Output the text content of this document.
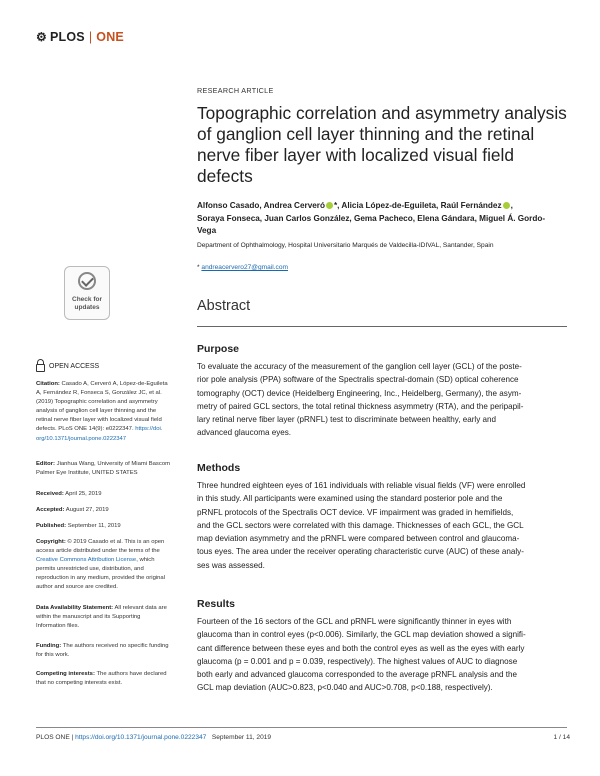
⚙ PLOS | ONE
RESEARCH ARTICLE
Topographic correlation and asymmetry analysis of ganglion cell layer thinning and the retinal nerve fiber layer with localized visual field defects
Alfonso Casado, Andrea Cerveró *, Alicia López-de-Eguileta, Raúl Fernández ,
Soraya Fonseca, Juan Carlos González, Gema Pacheco, Elena Gándara, Miguel Á. Gordo-
Vega
Department of Ophthalmology, Hospital Universitario Marqués de Valdecilla-IDIVAL, Santander, Spain
* andreacervero27@gmail.com
Abstract
Purpose
To evaluate the accuracy of the measurement of the ganglion cell layer (GCL) of the poste-
rior pole analysis (PPA) software of the Spectralis spectral-domain (SD) optical coherence
tomography (OCT) device (Heidelberg Engineering, Inc., Heidelberg, Germany), the asym-
metry of paired GCL sectors, the total retinal thickness asymmetry (RTA), and the peripapil-
lary retinal nerve fiber layer (pRNFL) test to discriminate between healthy, early and
advanced glaucoma eyes.
Methods
Three hundred eighteen eyes of 161 individuals with reliable visual fields (VF) were enrolled
in this study. All participants were examined using the standard posterior pole and the
pRNFL protocols of the Spectralis OCT device. VF impairment was graded in hemifields,
and the GCL sectors were correlated with this damage. Thicknesses of each GCL, the GCL
map deviation asymmetry and the pRNFL were compared between control and glaucoma-
tous eyes. The area under the receiver operating characteristic curve (AUC) of these analy-
ses was assessed.
Results
Fourteen of the 16 sectors of the GCL and pRNFL were significantly thinner in eyes with
glaucoma than in control eyes (p<0.006). Similarly, the GCL map deviation showed a signifi-
cant difference between these eyes and both the control eyes as well as the eyes with early
glaucoma (p = 0.001 and p = 0.039, respectively). The highest values of AUC to diagnose
both early and advanced glaucoma corresponded to the average pRNFL analysis and the
GCL map deviation (AUC>0.823, p<0.040 and AUC>0.708, p<0.188, respectively).
Check for
updates
OPEN ACCESS
Citation: Casado A, Cerveró A, López-de-Eguileta
A, Fernández R, Fonseca S, González JC, et al.
(2019) Topographic correlation and asymmetry
analysis of ganglion cell layer thinning and the
retinal nerve fiber layer with localized visual field
defects. PLoS ONE 14(9): e0222347. https://doi.
org/10.1371/journal.pone.0222347
Editor: Jianhua Wang, University of Miami Bascom
Palmer Eye Institute, UNITED STATES
Received: April 25, 2019
Accepted: August 27, 2019
Published: September 11, 2019
Copyright: © 2019 Casado et al. This is an open
access article distributed under the terms of the
Creative Commons Attribution License, which
permits unrestricted use, distribution, and
reproduction in any medium, provided the original
author and source are credited.
Data Availability Statement: All relevant data are
within the manuscript and its Supporting
Information files.
Funding: The authors received no specific funding
for this work.
Competing interests: The authors have declared
that no competing interests exist.
PLOS ONE | https://doi.org/10.1371/journal.pone.0222347   September 11, 2019	1 / 14
